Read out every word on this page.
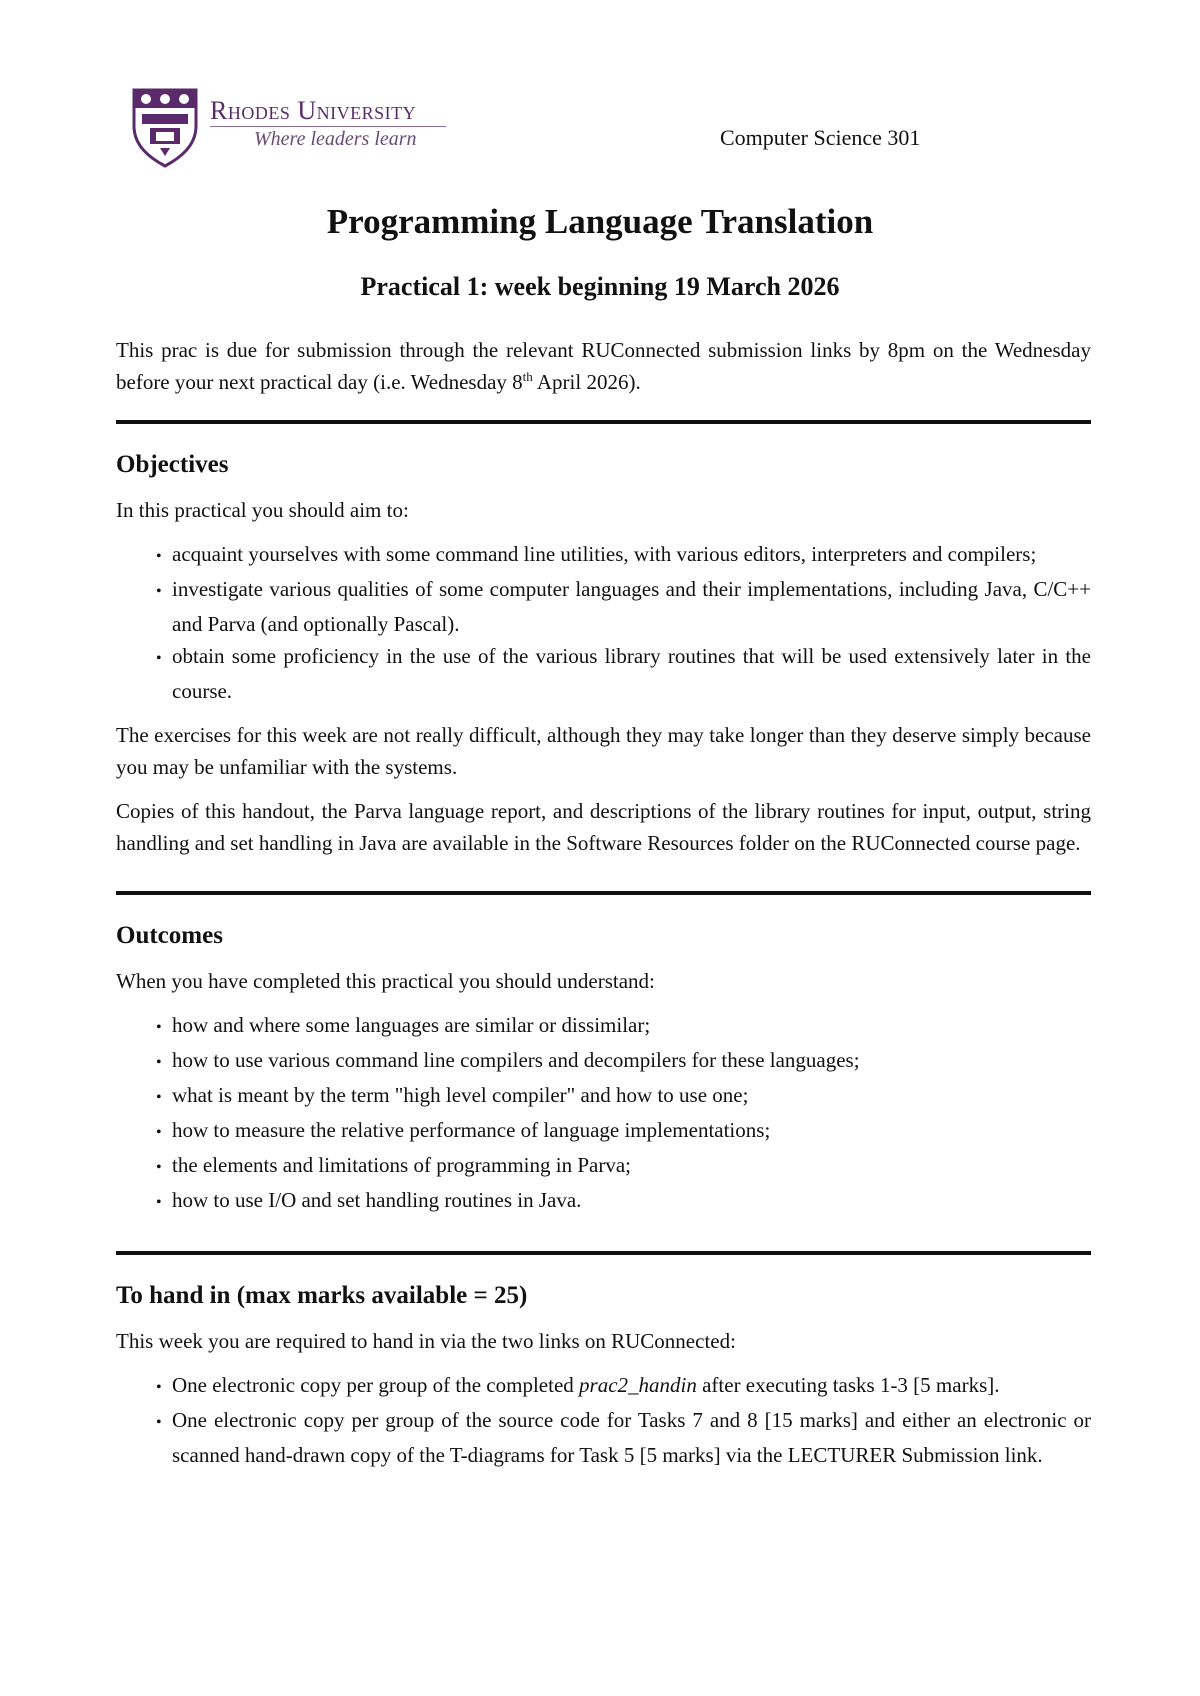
Rhodes University
Where leaders learn	Computer Science 301
Programming Language Translation
Practical 1: week beginning 19 March 2026

This prac is due for submission through the relevant RUConnected submission links by 8pm on the Wednesday before your next practical day (i.e. Wednesday 8th April 2026).

Objectives

In this practical you should aim to:

• acquaint yourselves with some command line utilities, with various editors, interpreters and compilers;
• investigate various qualities of some computer languages and their implementations, including Java, C/C++ and Parva (and optionally Pascal).
• obtain some proficiency in the use of the various library routines that will be used extensively later in the course.

The exercises for this week are not really difficult, although they may take longer than they deserve simply because you may be unfamiliar with the systems.

Copies of this handout, the Parva language report, and descriptions of the library routines for input, output, string handling and set handling in Java are available in the Software Resources folder on the RUConnected course page.

Outcomes

When you have completed this practical you should understand:

• how and where some languages are similar or dissimilar;
• how to use various command line compilers and decompilers for these languages;
• what is meant by the term "high level compiler" and how to use one;
• how to measure the relative performance of language implementations;
• the elements and limitations of programming in Parva;
• how to use I/O and set handling routines in Java.
To hand in (max marks available = 25)

This week you are required to hand in via the two links on RUConnected:

• One electronic copy per group of the completed prac2_handin after executing tasks 1-3 [5 marks].
• One electronic copy per group of the source code for Tasks 7 and 8 [15 marks] and either an electronic or scanned hand-drawn copy of the T-diagrams for Task 5 [5 marks] via the LECTURER Submission link.
